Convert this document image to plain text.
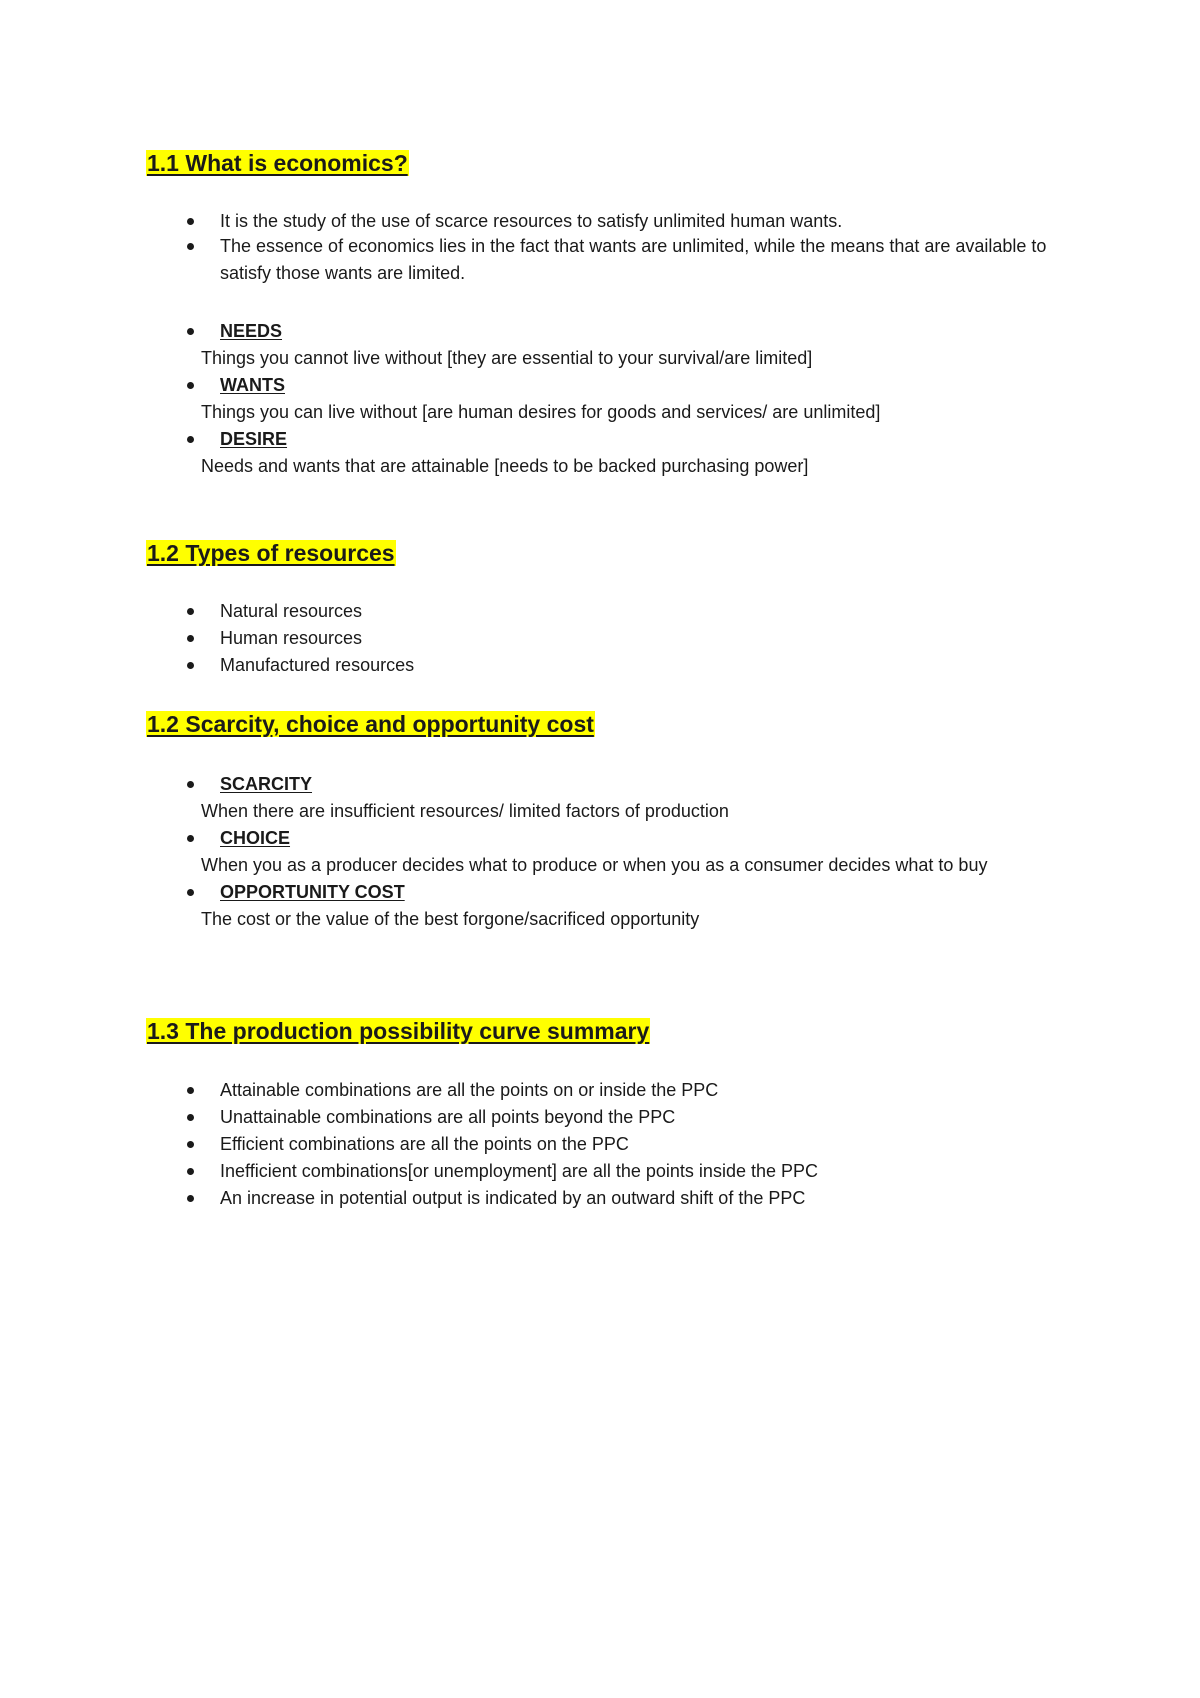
1.1 What is economics?
It is the study of the use of scarce resources to satisfy unlimited human wants.
The essence of economics lies in the fact that wants are unlimited, while the means that are available to satisfy those wants are limited.
NEEDS
Things you cannot live without [they are essential to your survival/are limited]
WANTS
Things you can live without [are human desires for goods and services/ are unlimited]
DESIRE
Needs and wants that are attainable [needs to be backed purchasing power]
1.2 Types of resources
Natural resources
Human resources
Manufactured resources
1.2 Scarcity, choice and opportunity cost
SCARCITY
When there are insufficient resources/ limited factors of production
CHOICE
When you as a producer decides what to produce or when you as a consumer decides what to buy
OPPORTUNITY COST
The cost or the value of the best forgone/sacrificed opportunity
1.3 The production possibility curve summary
Attainable combinations are all the points on or inside the PPC
Unattainable combinations are all points beyond the PPC
Efficient combinations are all the points on the PPC
Inefficient combinations[or unemployment] are all the points inside the PPC
An increase in potential output is indicated by an outward shift of the PPC
